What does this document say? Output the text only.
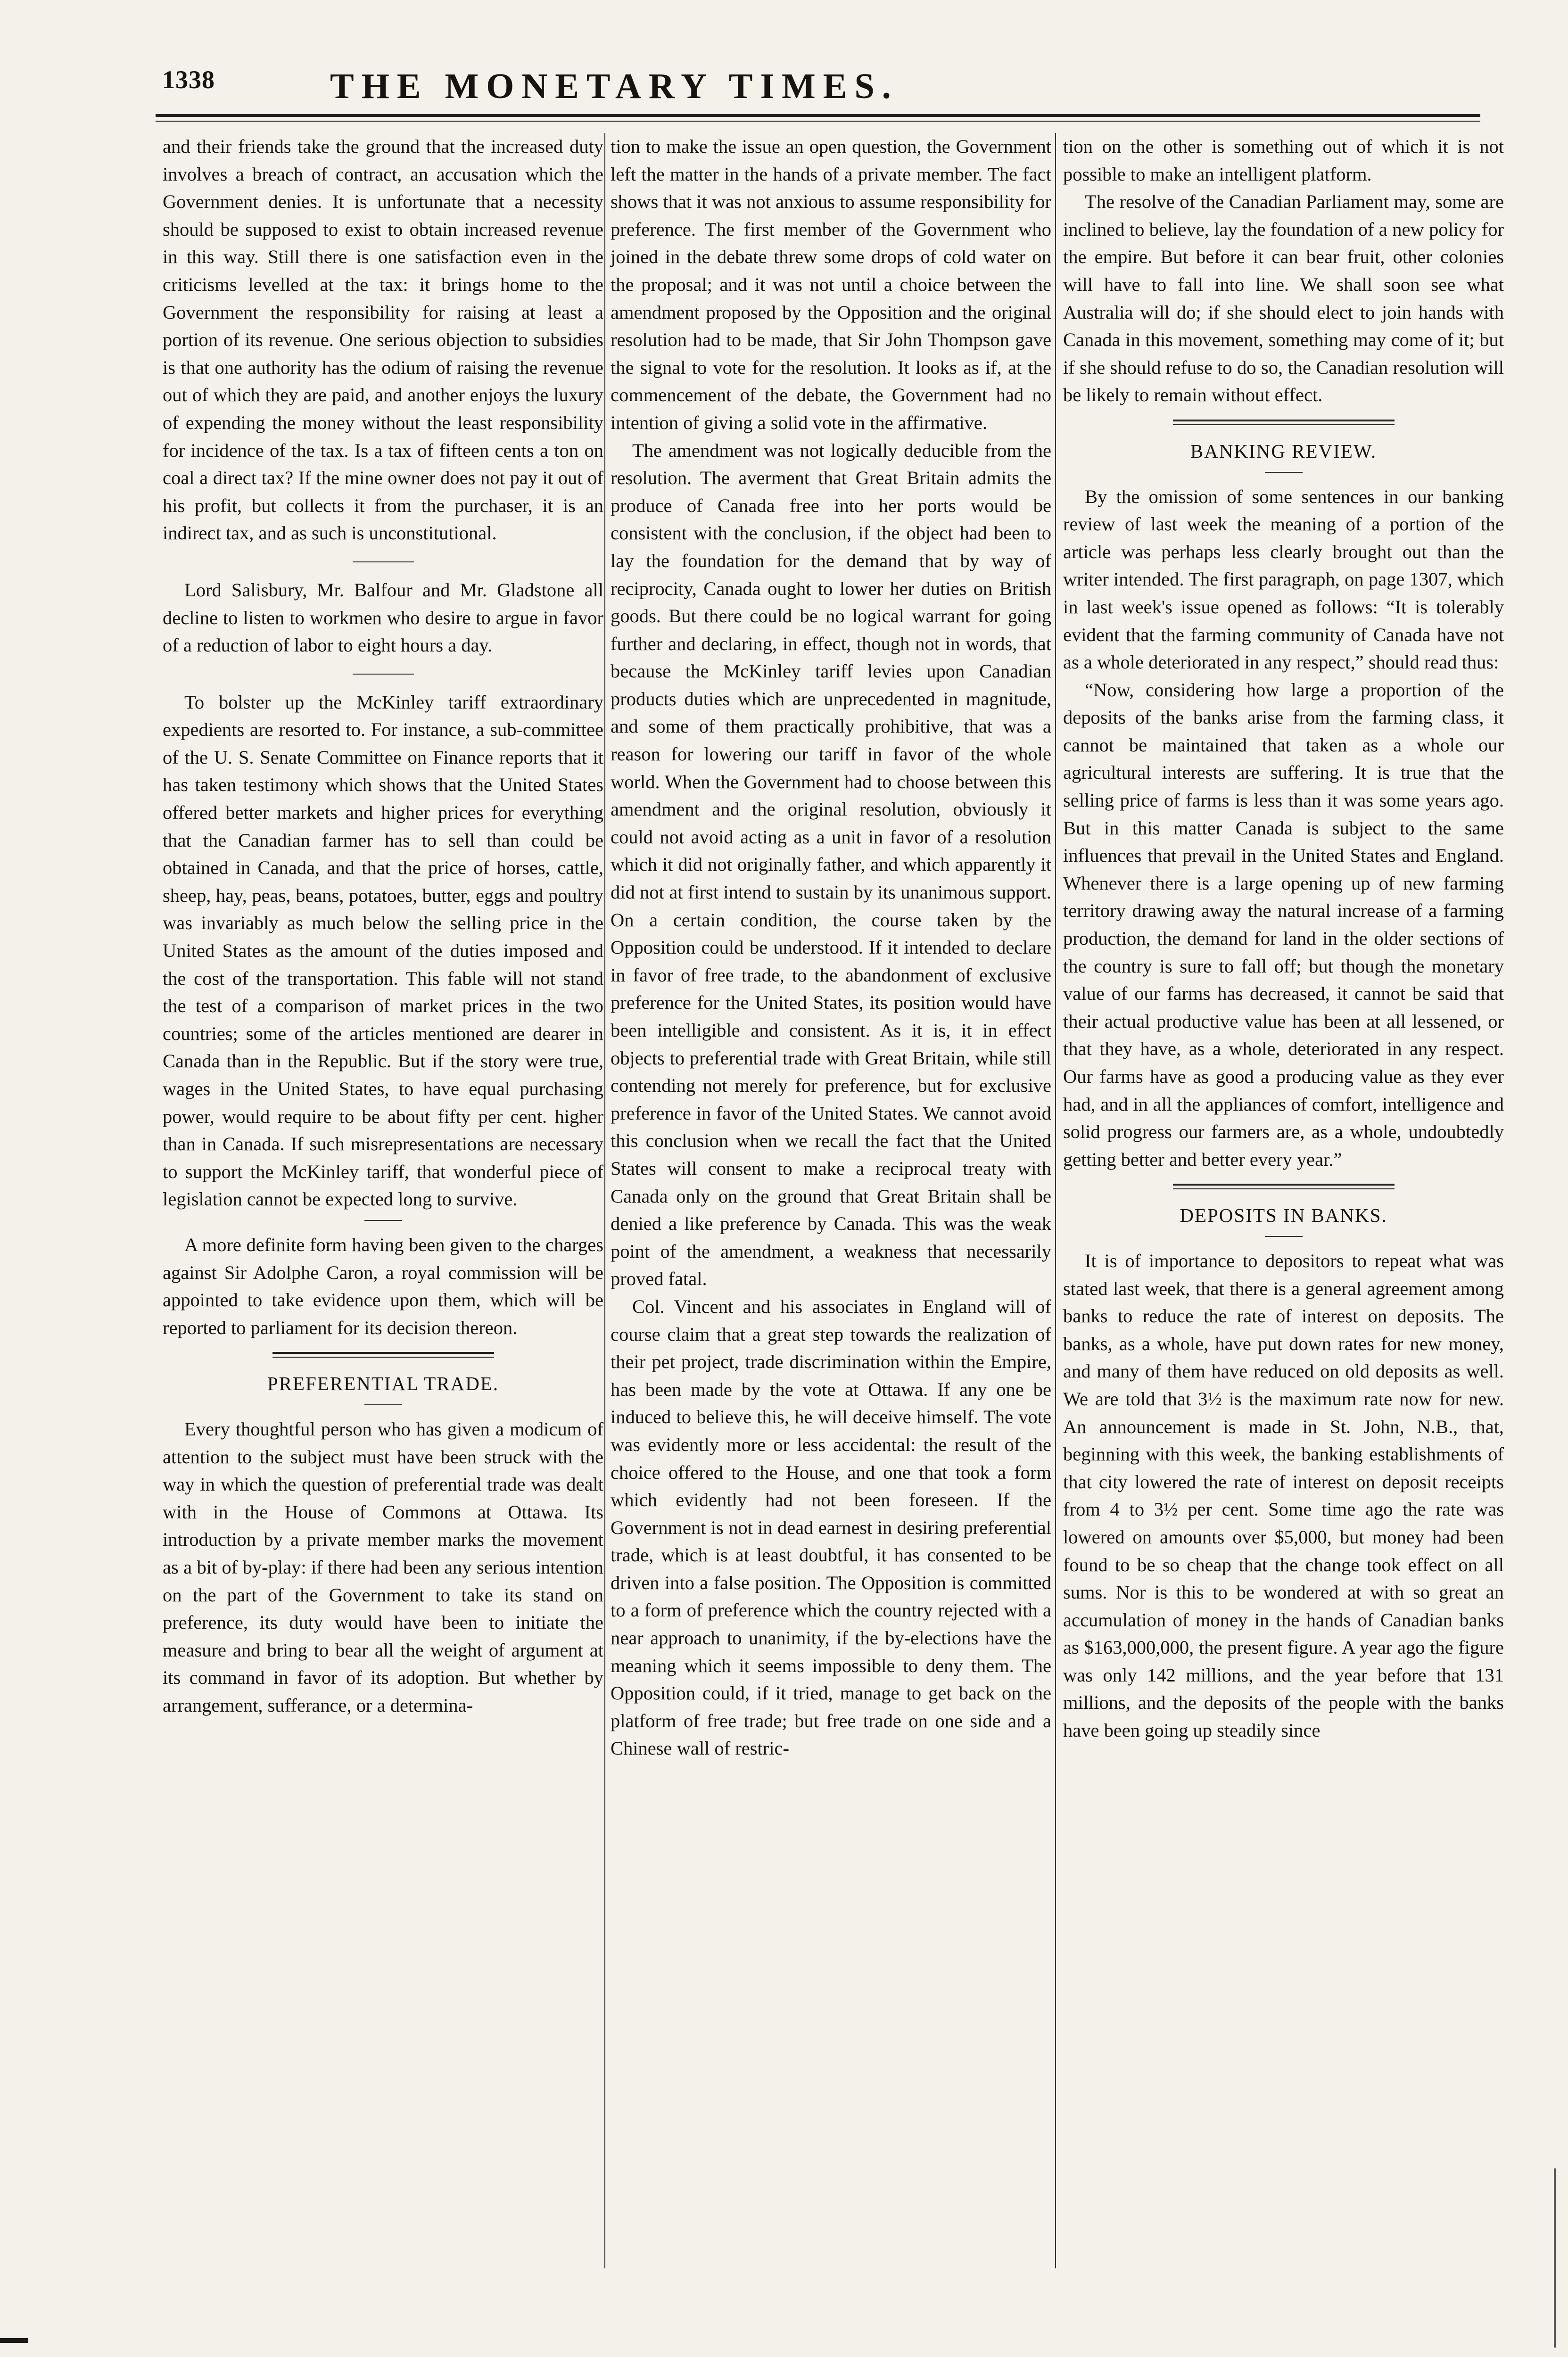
1338	THE MONETARY TIMES.

and their friends take the ground that the increased duty involves a breach of contract, an accusation which the Government denies. It is unfortunate that a necessity should be supposed to exist to obtain increased revenue in this way. Still there is one satisfaction even in the criticisms levelled at the tax: it brings home to the Government the responsibility for raising at least a portion of its revenue. One serious objection to subsidies is that one authority has the odium of raising the revenue out of which they are paid, and another enjoys the luxury of expending the money without the least responsibility for incidence of the tax. Is a tax of fifteen cents a ton on coal a direct tax? If the mine owner does not pay it out of his profit, but collects it from the purchaser, it is an indirect tax, and as such is unconstitutional.

Lord Salisbury, Mr. Balfour and Mr. Gladstone all decline to listen to workmen who desire to argue in favor of a reduction of labor to eight hours a day.

To bolster up the McKinley tariff extraordinary expedients are resorted to. For instance, a sub-committee of the U. S. Senate Committee on Finance reports that it has taken testimony which shows that the United States offered better markets and higher prices for everything that the Canadian farmer has to sell than could be obtained in Canada, and that the price of horses, cattle, sheep, hay, peas, beans, potatoes, butter, eggs and poultry was invariably as much below the selling price in the United States as the amount of the duties imposed and the cost of the transportation. This fable will not stand the test of a comparison of market prices in the two countries; some of the articles mentioned are dearer in Canada than in the Republic. But if the story were true, wages in the United States, to have equal purchasing power, would require to be about fifty per cent. higher than in Canada. If such misrepresentations are necessary to support the McKinley tariff, that wonderful piece of legislation cannot be expected long to survive.

A more definite form having been given to the charges against Sir Adolphe Caron, a royal commission will be appointed to take evidence upon them, which will be reported to parliament for its decision thereon.

PREFERENTIAL TRADE.

Every thoughtful person who has given a modicum of attention to the subject must have been struck with the way in which the question of preferential trade was dealt with in the House of Commons at Ottawa. Its introduction by a private member marks the movement as a bit of by-play: if there had been any serious intention on the part of the Government to take its stand on preference, its duty would have been to initiate the measure and bring to bear all the weight of argument at its command in favor of its adoption. But whether by arrangement, sufferance, or a determina-

tion to make the issue an open question, the Government left the matter in the hands of a private member. The fact shows that it was not anxious to assume responsibility for preference. The first member of the Government who joined in the debate threw some drops of cold water on the proposal; and it was not until a choice between the amendment proposed by the Opposition and the original resolution had to be made, that Sir John Thompson gave the signal to vote for the resolution. It looks as if, at the commencement of the debate, the Government had no intention of giving a solid vote in the affirmative.

The amendment was not logically deducible from the resolution. The averment that Great Britain admits the produce of Canada free into her ports would be consistent with the conclusion, if the object had been to lay the foundation for the demand that by way of reciprocity, Canada ought to lower her duties on British goods. But there could be no logical warrant for going further and declaring, in effect, though not in words, that because the McKinley tariff levies upon Canadian products duties which are unprecedented in magnitude, and some of them practically prohibitive, that was a reason for lowering our tariff in favor of the whole world. When the Government had to choose between this amendment and the original resolution, obviously it could not avoid acting as a unit in favor of a resolution which it did not originally father, and which apparently it did not at first intend to sustain by its unanimous support. On a certain condition, the course taken by the Opposition could be understood. If it intended to declare in favor of free trade, to the abandonment of exclusive preference for the United States, its position would have been intelligible and consistent. As it is, it in effect objects to preferential trade with Great Britain, while still contending not merely for preference, but for exclusive preference in favor of the United States. We cannot avoid this conclusion when we recall the fact that the United States will consent to make a reciprocal treaty with Canada only on the ground that Great Britain shall be denied a like preference by Canada. This was the weak point of the amendment, a weakness that necessarily proved fatal.

Col. Vincent and his associates in England will of course claim that a great step towards the realization of their pet project, trade discrimination within the Empire, has been made by the vote at Ottawa. If any one be induced to believe this, he will deceive himself. The vote was evidently more or less accidental: the result of the choice offered to the House, and one that took a form which evidently had not been foreseen. If the Government is not in dead earnest in desiring preferential trade, which is at least doubtful, it has consented to be driven into a false position. The Opposition is committed to a form of preference which the country rejected with a near approach to unanimity, if the by-elections have the meaning which it seems impossible to deny them. The Opposition could, if it tried, manage to get back on the platform of free trade; but free trade on one side and a Chinese wall of restric-

tion on the other is something out of which it is not possible to make an intelligent platform.

The resolve of the Canadian Parliament may, some are inclined to believe, lay the foundation of a new policy for the empire. But before it can bear fruit, other colonies will have to fall into line. We shall soon see what Australia will do; if she should elect to join hands with Canada in this movement, something may come of it; but if she should refuse to do so, the Canadian resolution will be likely to remain without effect.

BANKING REVIEW.

By the omission of some sentences in our banking review of last week the meaning of a portion of the article was perhaps less clearly brought out than the writer intended. The first paragraph, on page 1307, which in last week's issue opened as follows: “It is tolerably evident that the farming community of Canada have not as a whole deteriorated in any respect,” should read thus:

“Now, considering how large a proportion of the deposits of the banks arise from the farming class, it cannot be maintained that taken as a whole our agricultural interests are suffering. It is true that the selling price of farms is less than it was some years ago. But in this matter Canada is subject to the same influences that prevail in the United States and England. Whenever there is a large opening up of new farming territory drawing away the natural increase of a farming production, the demand for land in the older sections of the country is sure to fall off; but though the monetary value of our farms has decreased, it cannot be said that their actual productive value has been at all lessened, or that they have, as a whole, deteriorated in any respect. Our farms have as good a producing value as they ever had, and in all the appliances of comfort, intelligence and solid progress our farmers are, as a whole, undoubtedly getting better and better every year.”

DEPOSITS IN BANKS.

It is of importance to depositors to repeat what was stated last week, that there is a general agreement among banks to reduce the rate of interest on deposits. The banks, as a whole, have put down rates for new money, and many of them have reduced on old deposits as well. We are told that 3½ is the maximum rate now for new. An announcement is made in St. John, N.B., that, beginning with this week, the banking establishments of that city lowered the rate of interest on deposit receipts from 4 to 3½ per cent. Some time ago the rate was lowered on amounts over $5,000, but money had been found to be so cheap that the change took effect on all sums. Nor is this to be wondered at with so great an accumulation of money in the hands of Canadian banks as $163,000,000, the present figure. A year ago the figure was only 142 millions, and the year before that 131 millions, and the deposits of the people with the banks have been going up steadily since
